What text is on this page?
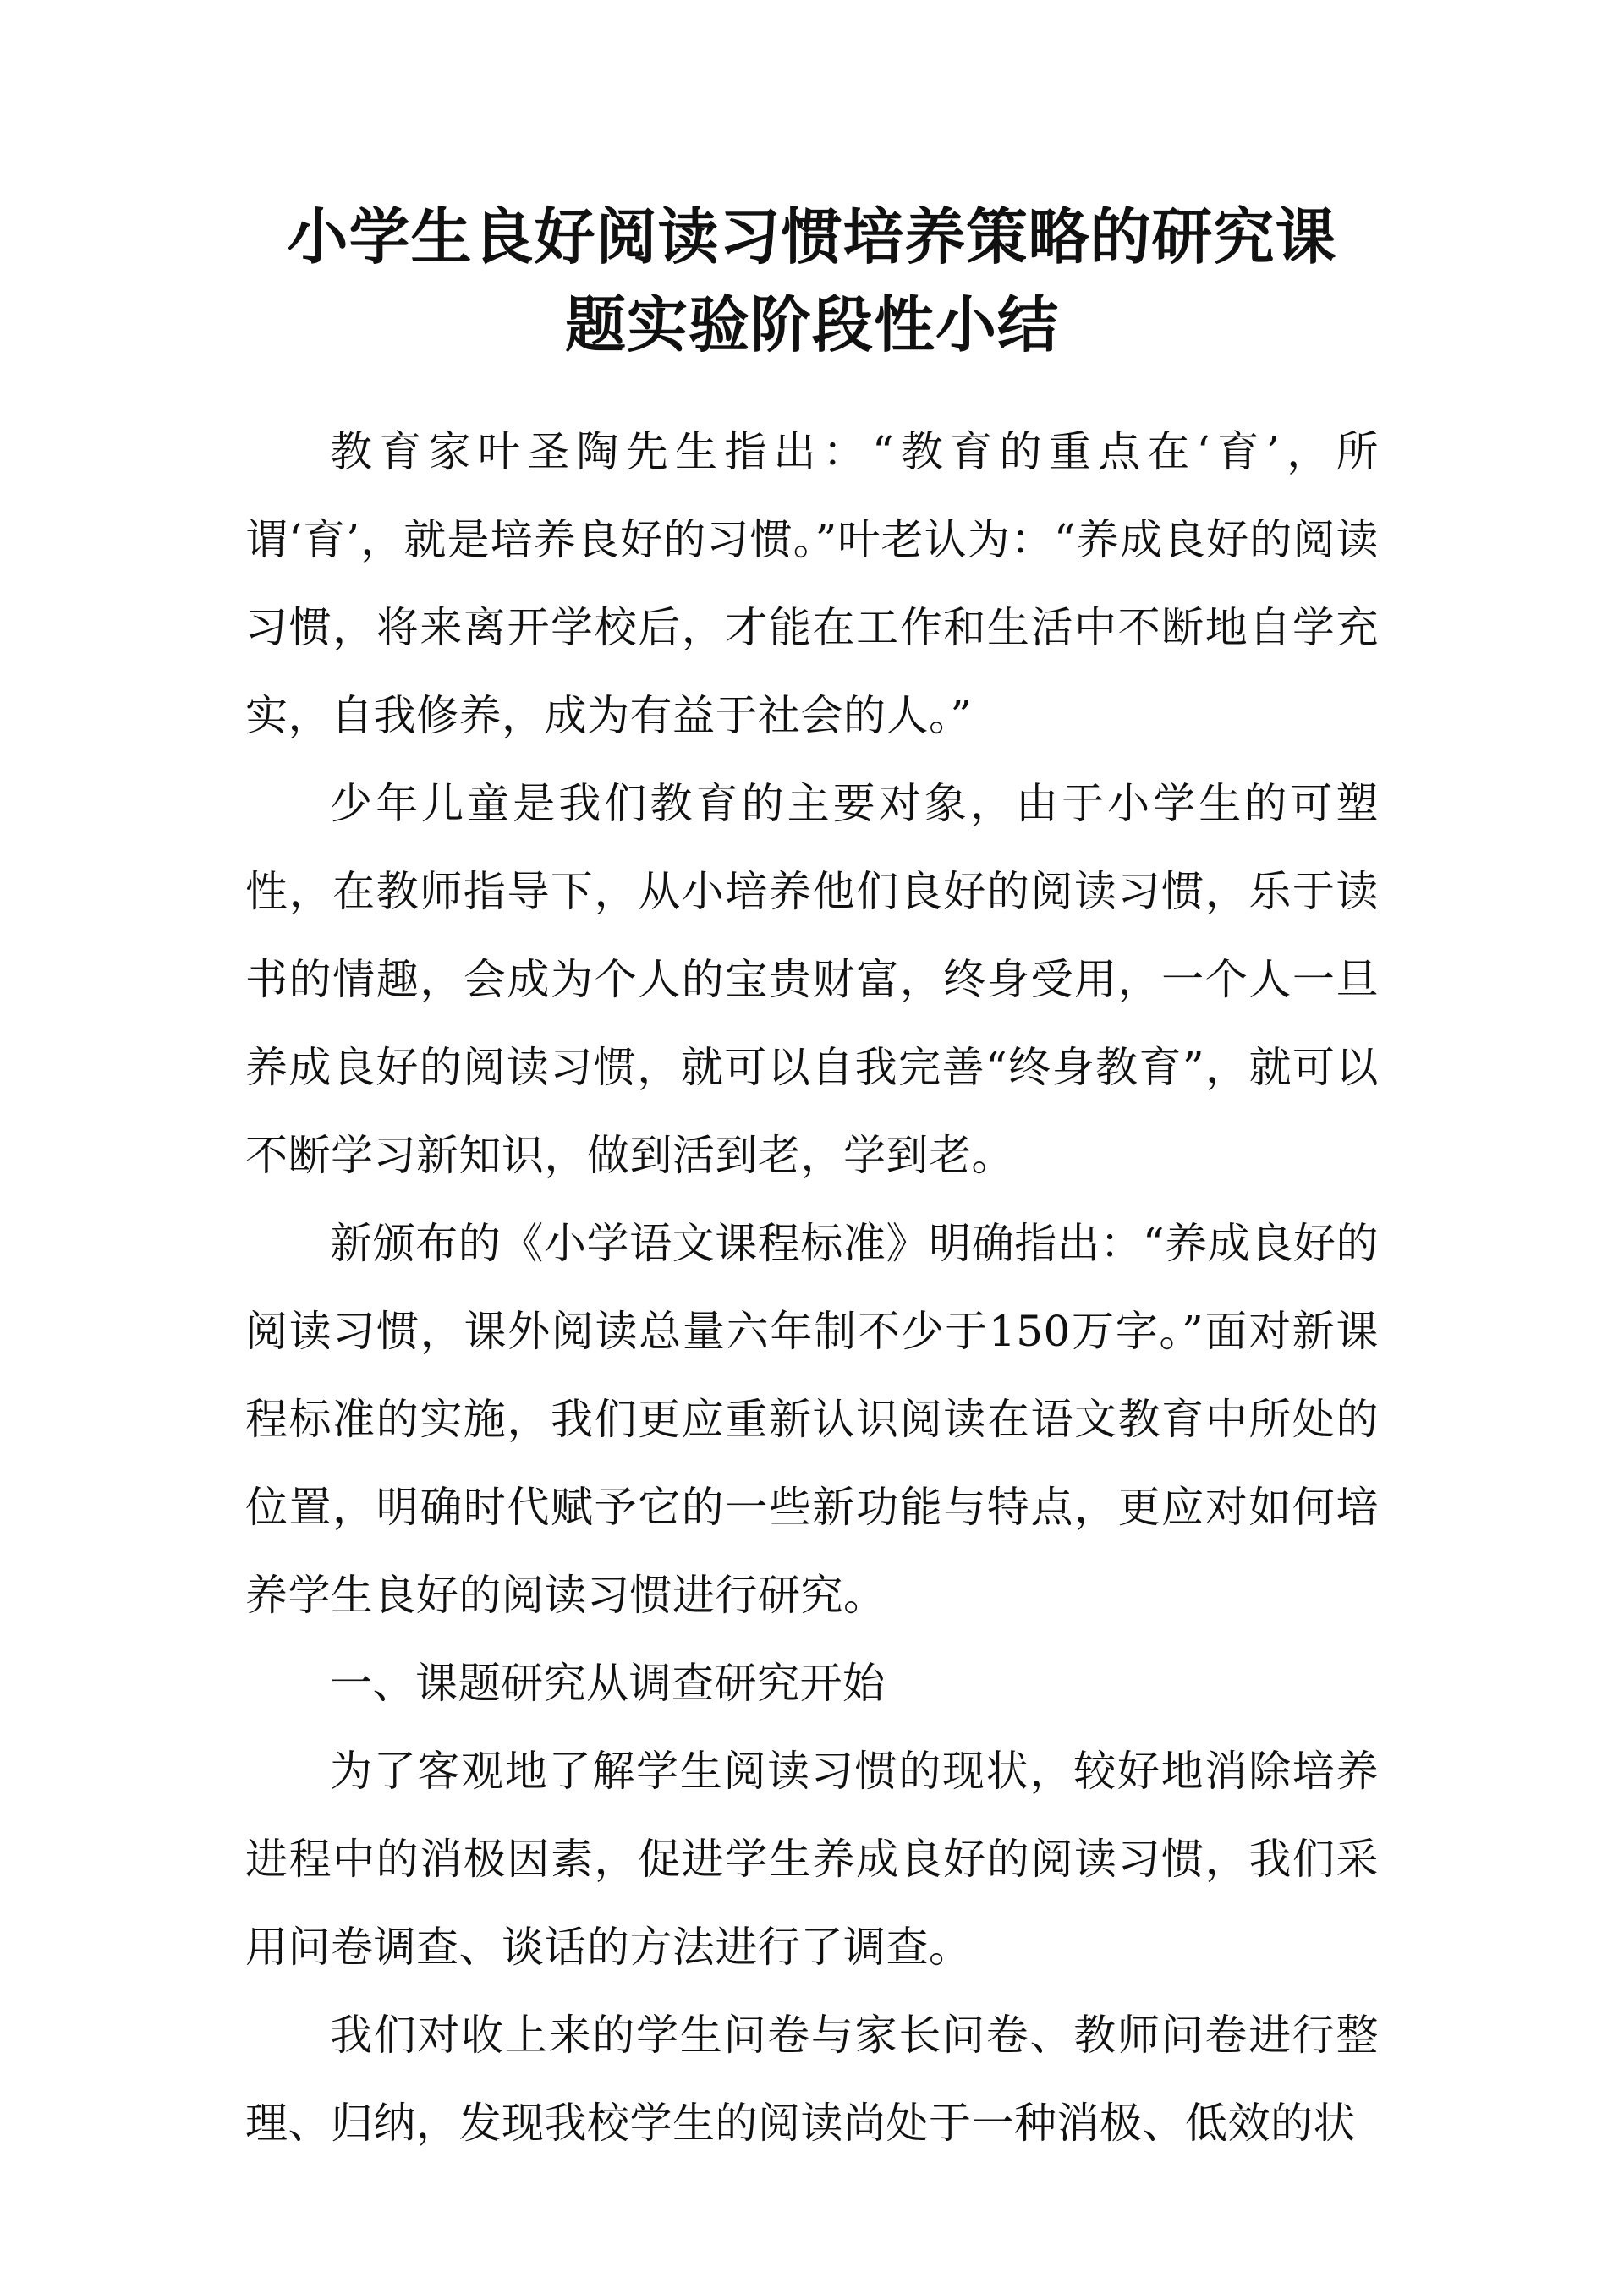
小学生良好阅读习惯培养策略的研究课
题实验阶段性小结

教育家叶圣陶先生指出：“教育的重点在‘育’，所谓‘育’，就是培养良好的习惯。”叶老认为：“养成良好的阅读习惯，将来离开学校后，才能在工作和生活中不断地自学充实，自我修养，成为有益于社会的人。”

少年儿童是我们教育的主要对象，由于小学生的可塑性，在教师指导下，从小培养他们良好的阅读习惯，乐于读书的情趣，会成为个人的宝贵财富，终身受用，一个人一旦养成良好的阅读习惯，就可以自我完善“终身教育”，就可以不断学习新知识，做到活到老，学到老。

新颁布的《小学语文课程标准》明确指出：“养成良好的阅读习惯，课外阅读总量六年制不少于150万字。”面对新课程标准的实施，我们更应重新认识阅读在语文教育中所处的位置，明确时代赋予它的一些新功能与特点，更应对如何培养学生良好的阅读习惯进行研究。

一、课题研究从调查研究开始

为了客观地了解学生阅读习惯的现状，较好地消除培养进程中的消极因素，促进学生养成良好的阅读习惯，我们采用问卷调查、谈话的方法进行了调查。

我们对收上来的学生问卷与家长问卷、教师问卷进行整理、归纳，发现我校学生的阅读尚处于一种消极、低效的状
